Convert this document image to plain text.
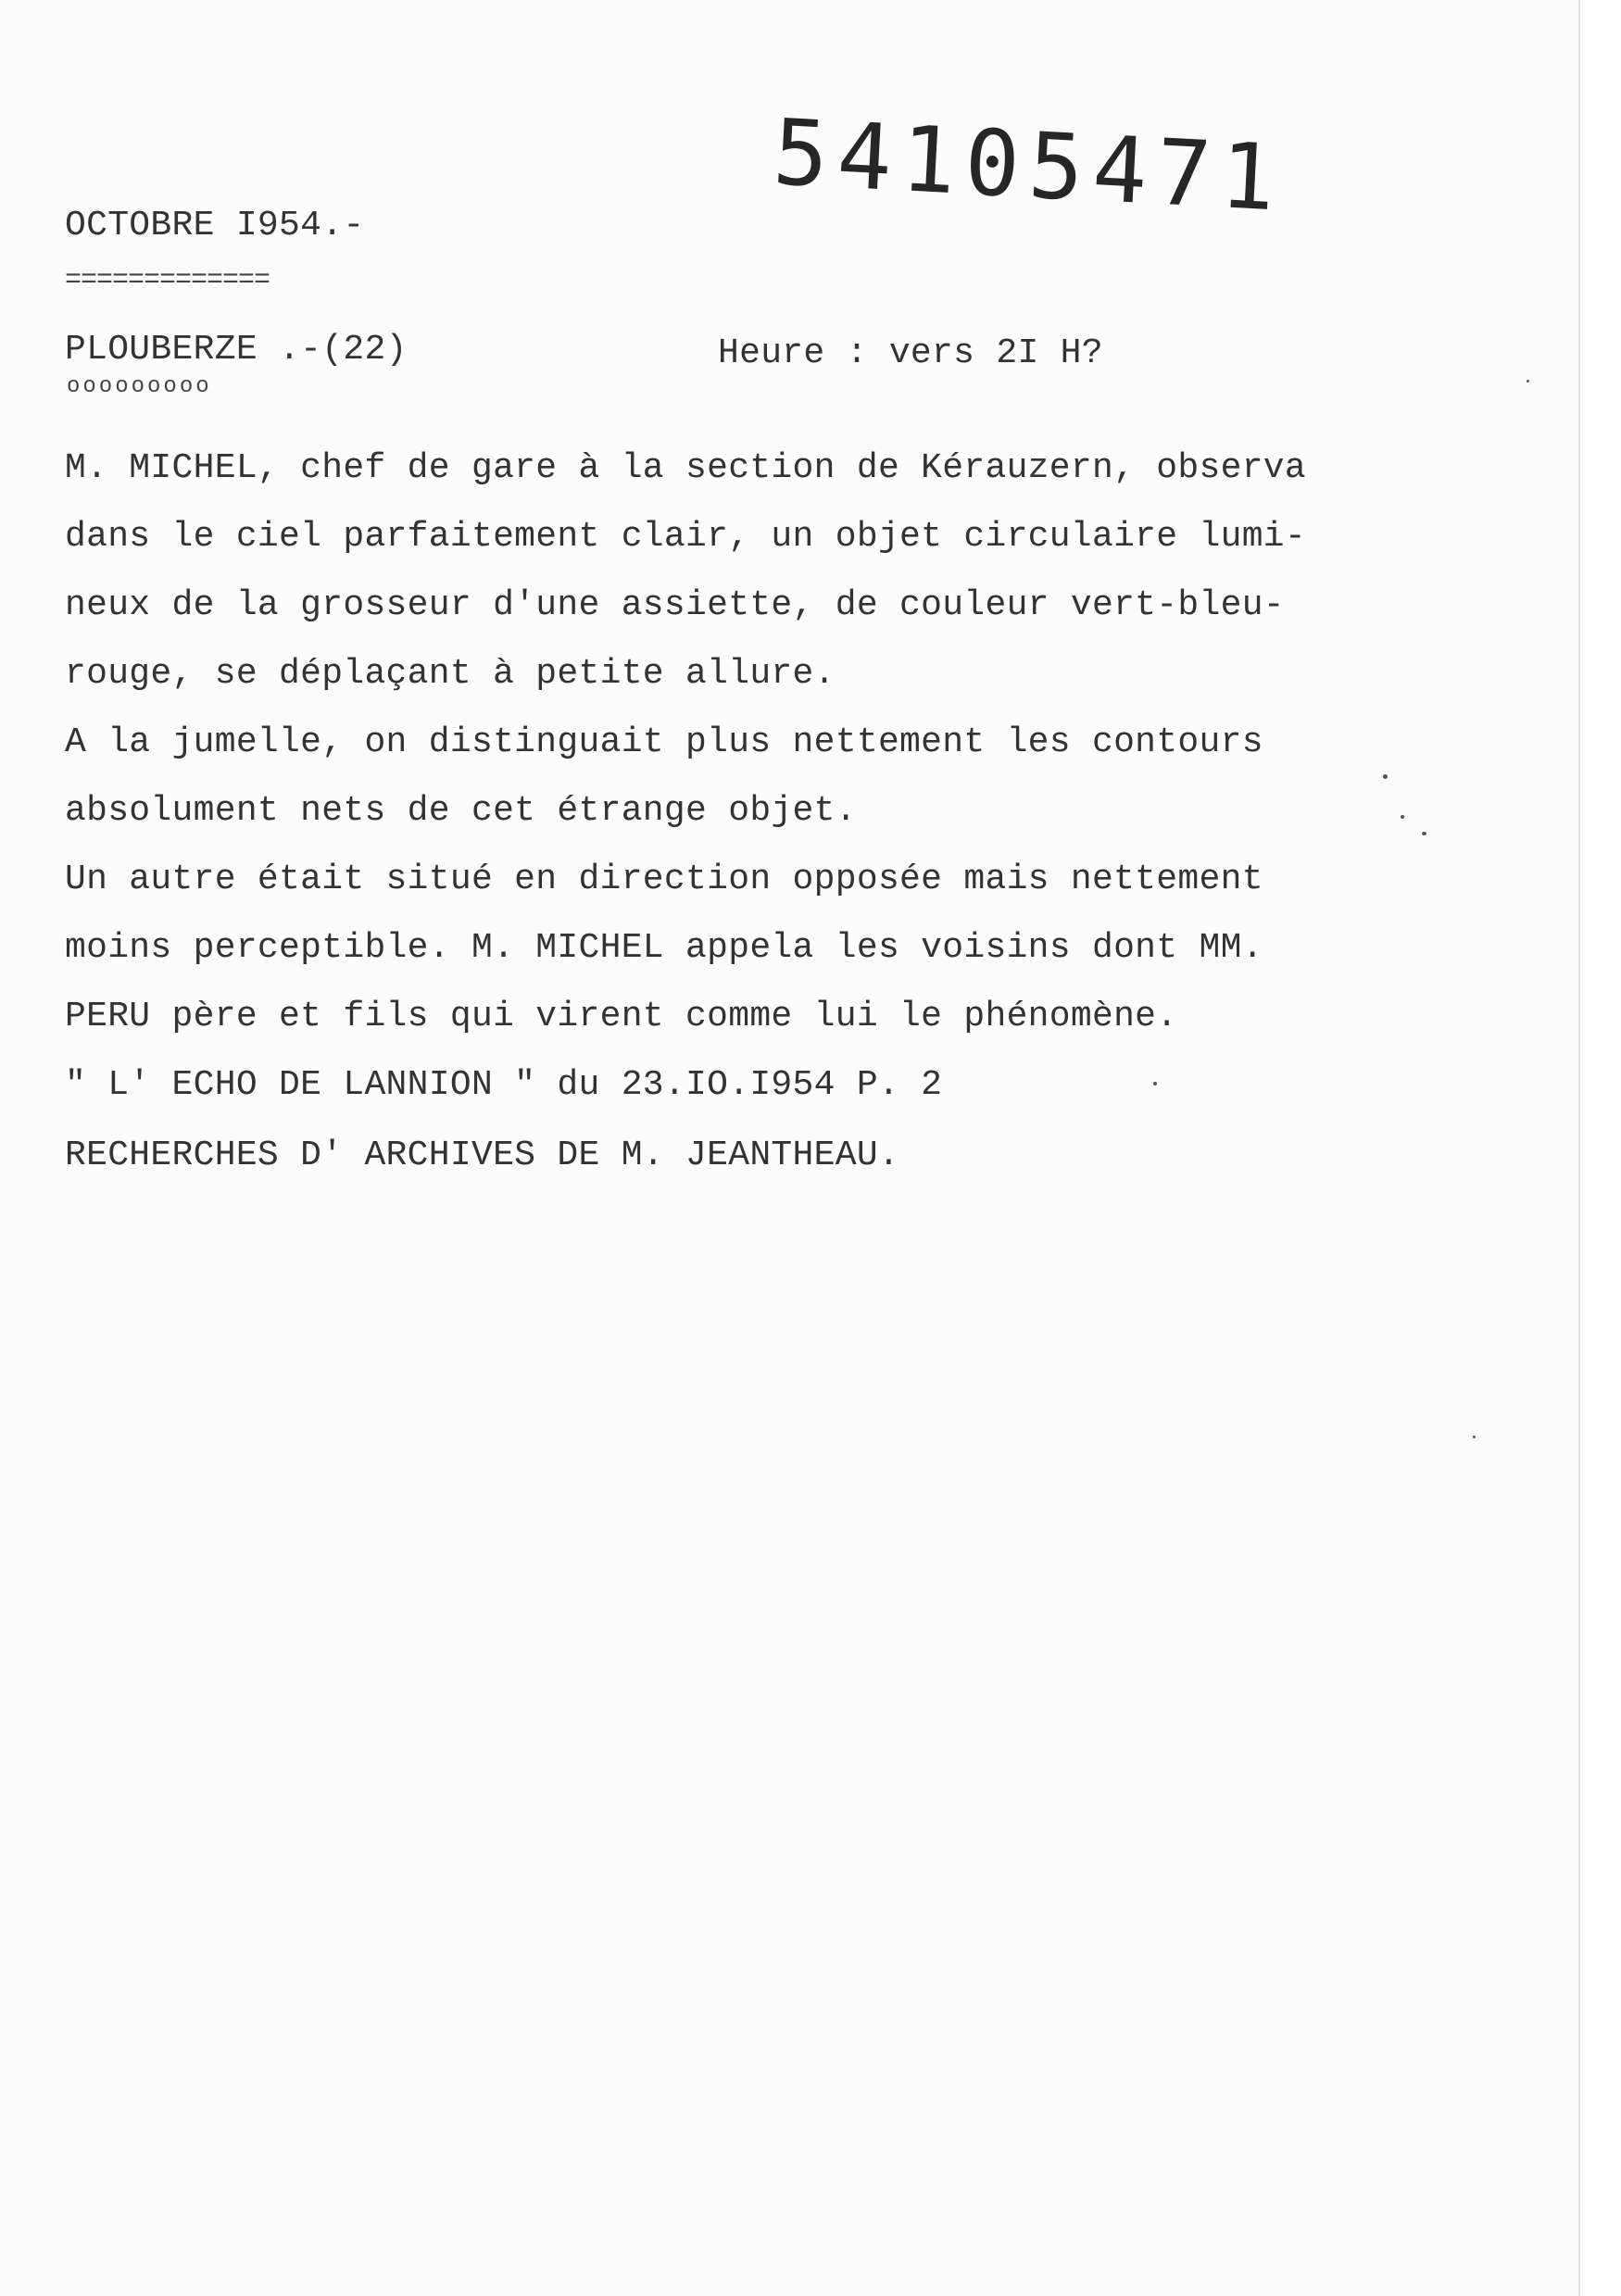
54105471
OCTOBRE I954.-
=============
PLOUBERZE .-(22)
ooooooooo
Heure : vers 2I H?
M. MICHEL, chef de gare à la section de Kérauzern, observa
dans le ciel parfaitement clair, un objet circulaire lumi-
neux de la grosseur d'une assiette, de couleur vert-bleu-
rouge, se déplaçant à petite allure.
A la jumelle, on distinguait plus nettement les contours
absolument nets de cet étrange objet.
Un autre était situé en direction opposée mais nettement
moins perceptible. M. MICHEL appela les voisins dont MM.
PERU père et fils qui virent comme lui le phénomène.
" L' ECHO DE LANNION " du 23.IO.I954 P. 2
RECHERCHES D' ARCHIVES DE M. JEANTHEAU.
